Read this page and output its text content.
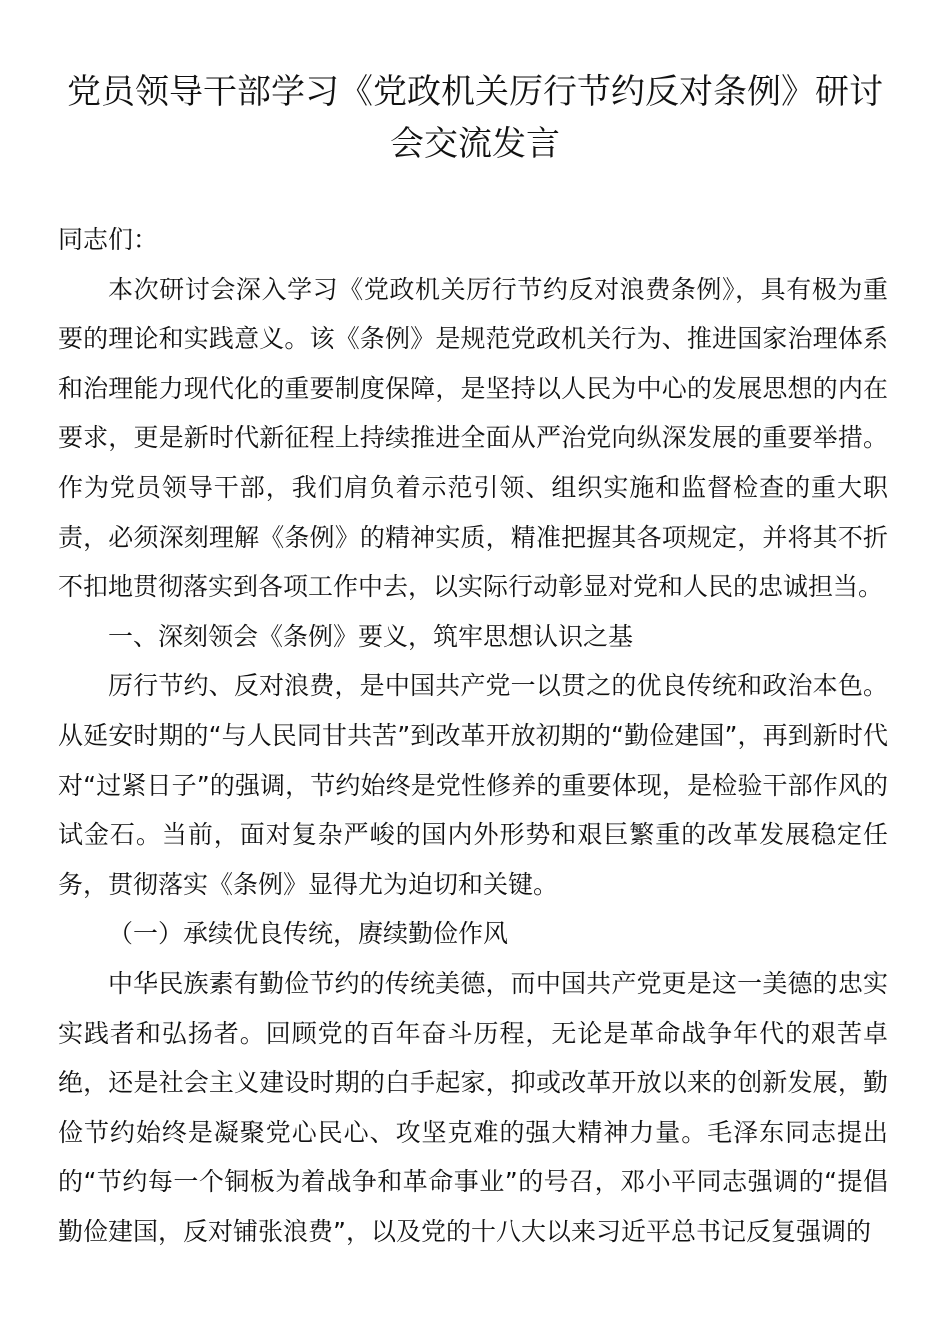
党员领导干部学习《党政机关厉行节约反对条例》研讨会交流发言

同志们：

本次研讨会深入学习《党政机关厉行节约反对浪费条例》，具有极为重要的理论和实践意义。该《条例》是规范党政机关行为、推进国家治理体系和治理能力现代化的重要制度保障，是坚持以人民为中心的发展思想的内在要求，更是新时代新征程上持续推进全面从严治党向纵深发展的重要举措。作为党员领导干部，我们肩负着示范引领、组织实施和监督检查的重大职责，必须深刻理解《条例》的精神实质，精准把握其各项规定，并将其不折不扣地贯彻落实到各项工作中去，以实际行动彰显对党和人民的忠诚担当。

一、深刻领会《条例》要义，筑牢思想认识之基

厉行节约、反对浪费，是中国共产党一以贯之的优良传统和政治本色。从延安时期的“与人民同甘共苦”到改革开放初期的“勤俭建国”，再到新时代对“过紧日子”的强调，节约始终是党性修养的重要体现，是检验干部作风的试金石。当前，面对复杂严峻的国内外形势和艰巨繁重的改革发展稳定任务，贯彻落实《条例》显得尤为迫切和关键。

（一）承续优良传统，赓续勤俭作风

中华民族素有勤俭节约的传统美德，而中国共产党更是这一美德的忠实实践者和弘扬者。回顾党的百年奋斗历程，无论是革命战争年代的艰苦卓绝，还是社会主义建设时期的白手起家，抑或改革开放以来的创新发展，勤俭节约始终是凝聚党心民心、攻坚克难的强大精神力量。毛泽东同志提出的“节约每一个铜板为着战争和革命事业”的号召，邓小平同志强调的“提倡勤俭建国，反对铺张浪费”，以及党的十八大以来习近平总书记反复强调的
